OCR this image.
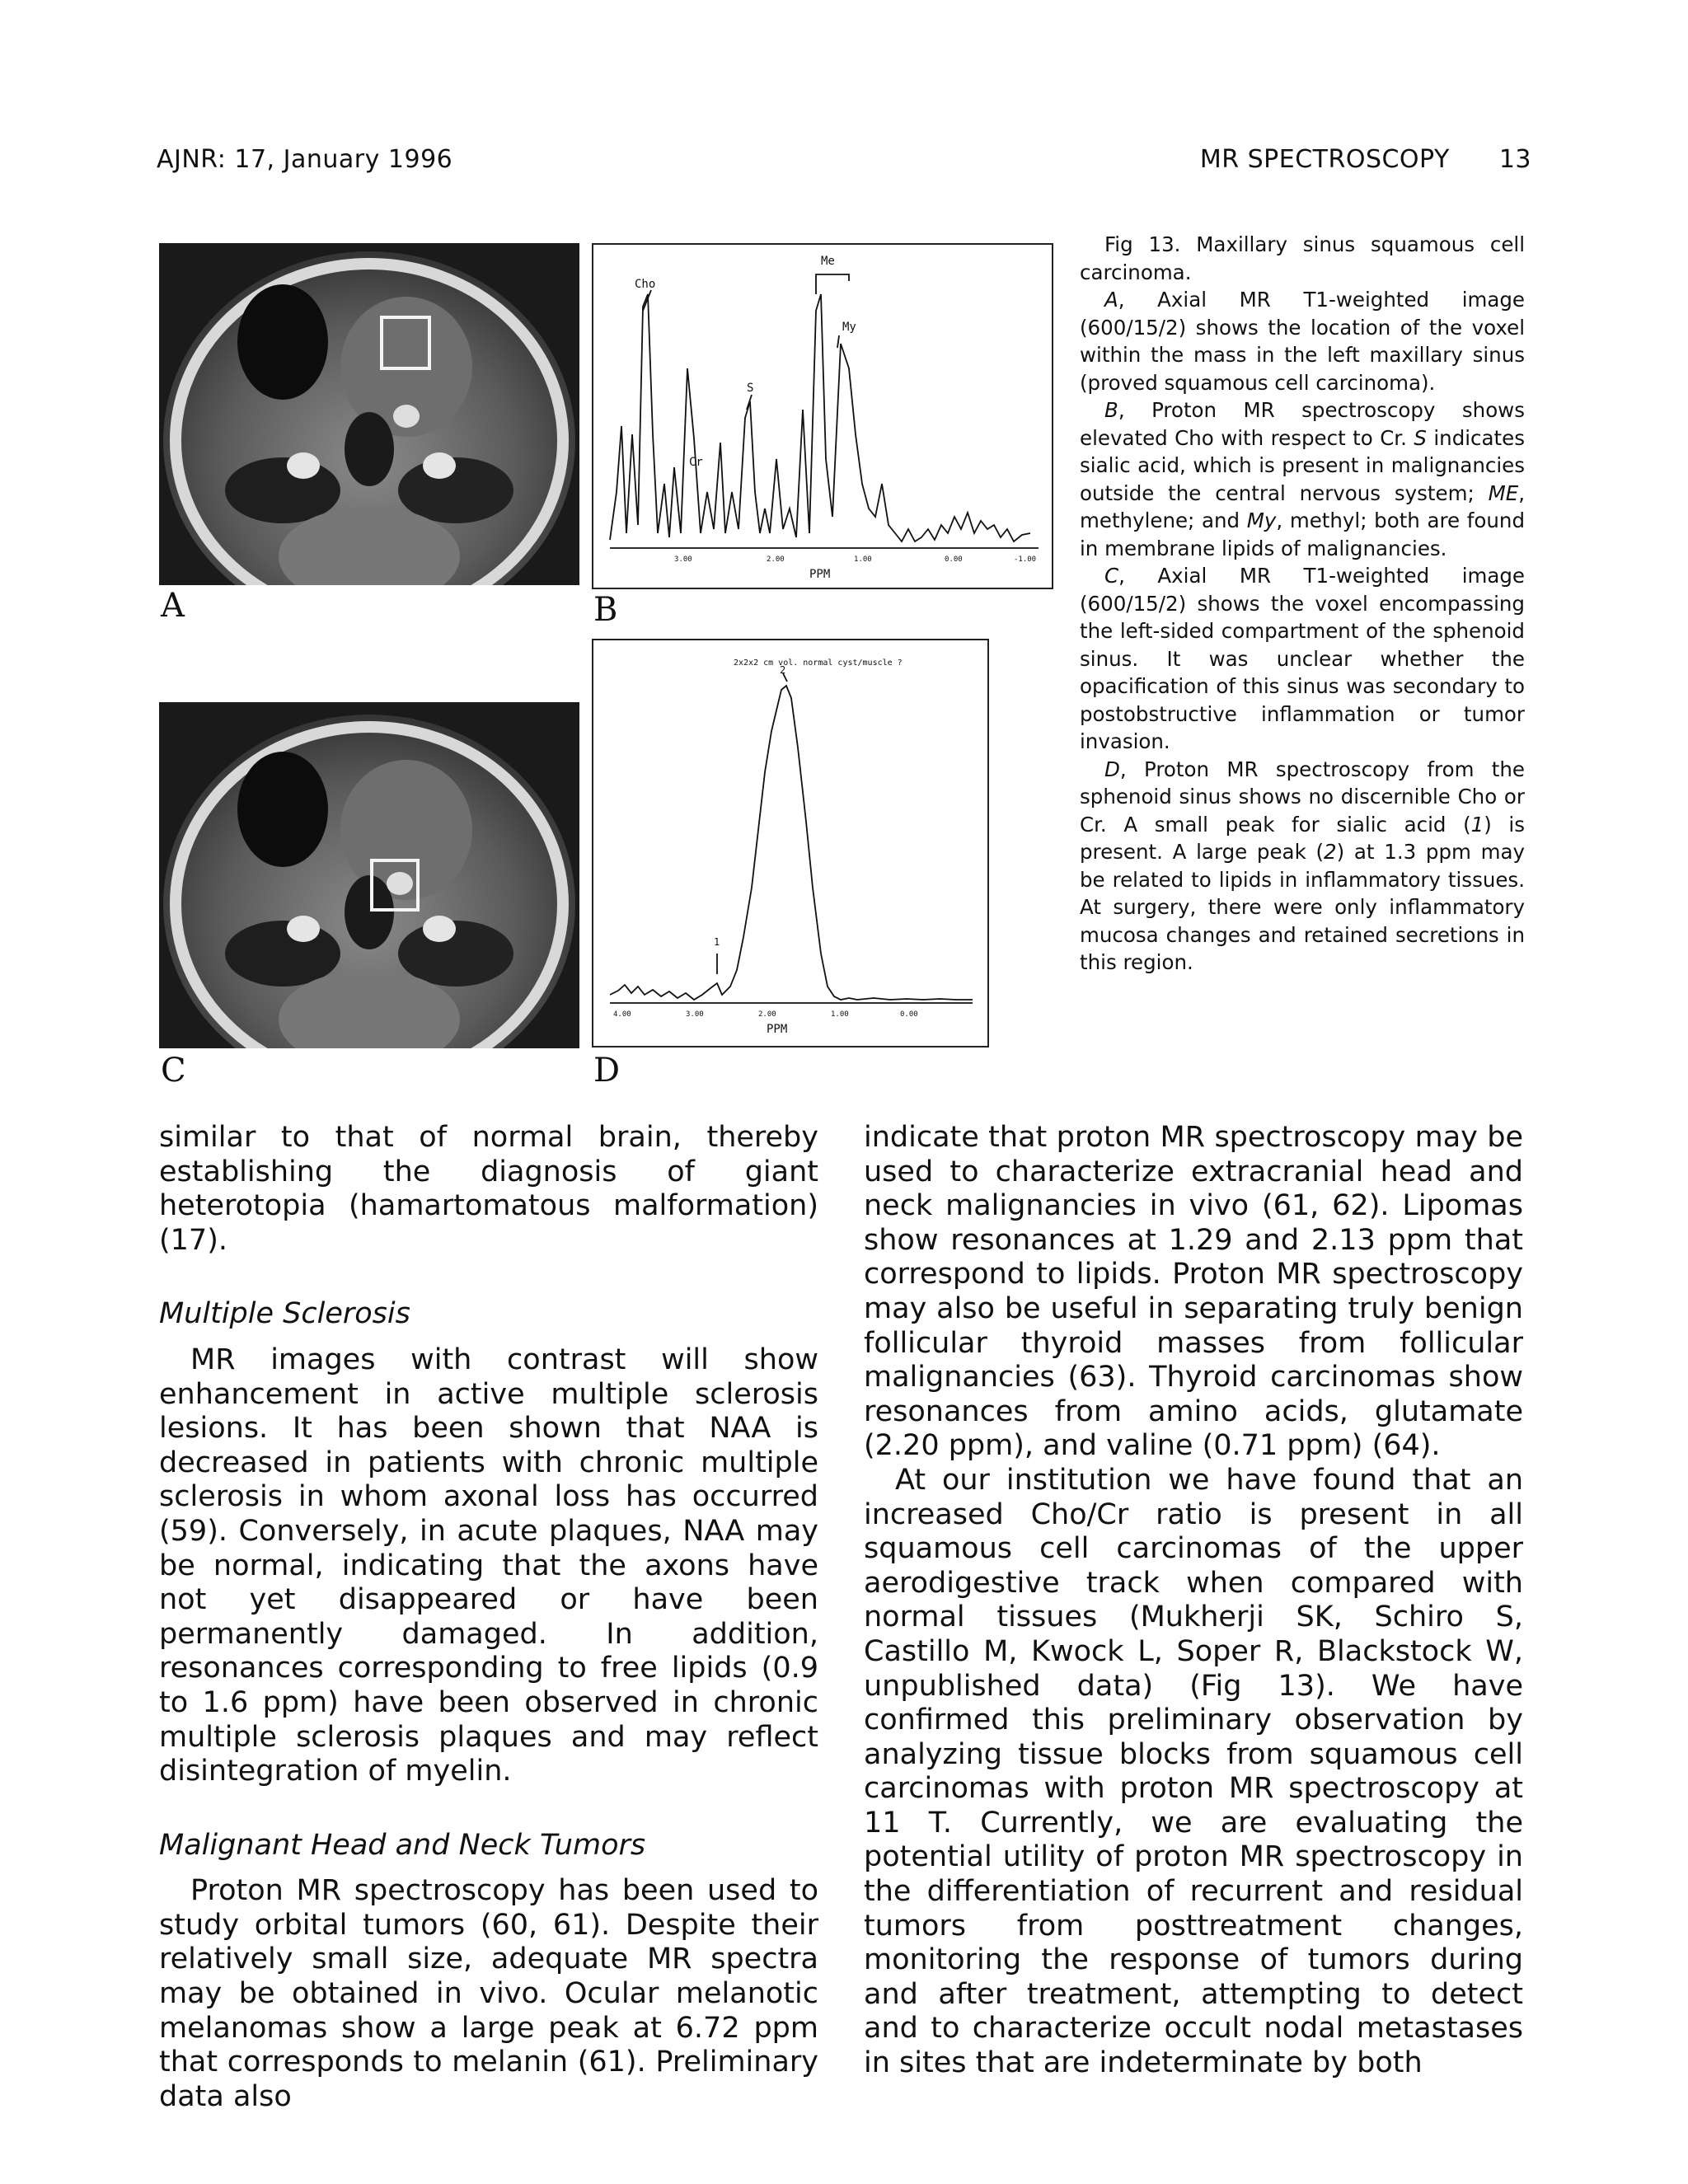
AJNR: 17, January 1996	MR SPECTROSCOPY 13
A
Cho
Cr
S
Me
My
3.00	2.00	1.00	0.00	-1.00
PPM
B
C
2x2x2 cm vol. normal cyst/muscle ?
1
2
4.00	3.00	2.00	1.00	0.00
PPM
D

Fig 13. Maxillary sinus squamous cell carcinoma.

A, Axial MR T1-weighted image (600/15/2) shows the location of the voxel within the mass in the left maxillary sinus (proved squamous cell carcinoma).

B, Proton MR spectroscopy shows elevated Cho with respect to Cr. S indicates sialic acid, which is present in malignancies outside the central nervous system; ME, methylene; and My, methyl; both are found in membrane lipids of malignancies.

C, Axial MR T1-weighted image (600/15/2) shows the voxel encompassing the left-sided compartment of the sphenoid sinus. It was unclear whether the opacification of this sinus was secondary to postobstructive inflammation or tumor invasion.

D, Proton MR spectroscopy from the sphenoid sinus shows no discernible Cho or Cr. A small peak for sialic acid (1) is present. A large peak (2) at 1.3 ppm may be related to lipids in inflammatory tissues. At surgery, there were only inflammatory mucosa changes and retained secretions in this region.

similar to that of normal brain, thereby establishing the diagnosis of giant heterotopia (hamartomatous malformation) (17).

Multiple Sclerosis

MR images with contrast will show enhancement in active multiple sclerosis lesions. It has been shown that NAA is decreased in patients with chronic multiple sclerosis in whom axonal loss has occurred (59). Conversely, in acute plaques, NAA may be normal, indicating that the axons have not yet disappeared or have been permanently damaged. In addition, resonances corresponding to free lipids (0.9 to 1.6 ppm) have been observed in chronic multiple sclerosis plaques and may reflect disintegration of myelin.

Malignant Head and Neck Tumors

Proton MR spectroscopy has been used to study orbital tumors (60, 61). Despite their relatively small size, adequate MR spectra may be obtained in vivo. Ocular melanotic melanomas show a large peak at 6.72 ppm that corresponds to melanin (61). Preliminary data also

indicate that proton MR spectroscopy may be used to characterize extracranial head and neck malignancies in vivo (61, 62). Lipomas show resonances at 1.29 and 2.13 ppm that correspond to lipids. Proton MR spectroscopy may also be useful in separating truly benign follicular thyroid masses from follicular malignancies (63). Thyroid carcinomas show resonances from amino acids, glutamate (2.20 ppm), and valine (0.71 ppm) (64).

At our institution we have found that an increased Cho/Cr ratio is present in all squamous cell carcinomas of the upper aerodigestive track when compared with normal tissues (Mukherji SK, Schiro S, Castillo M, Kwock L, Soper R, Blackstock W, unpublished data) (Fig 13). We have confirmed this preliminary observation by analyzing tissue blocks from squamous cell carcinomas with proton MR spectroscopy at 11 T. Currently, we are evaluating the potential utility of proton MR spectroscopy in the differentiation of recurrent and residual tumors from posttreatment changes, monitoring the response of tumors during and after treatment, attempting to detect and to characterize occult nodal metastases in sites that are indeterminate by both
